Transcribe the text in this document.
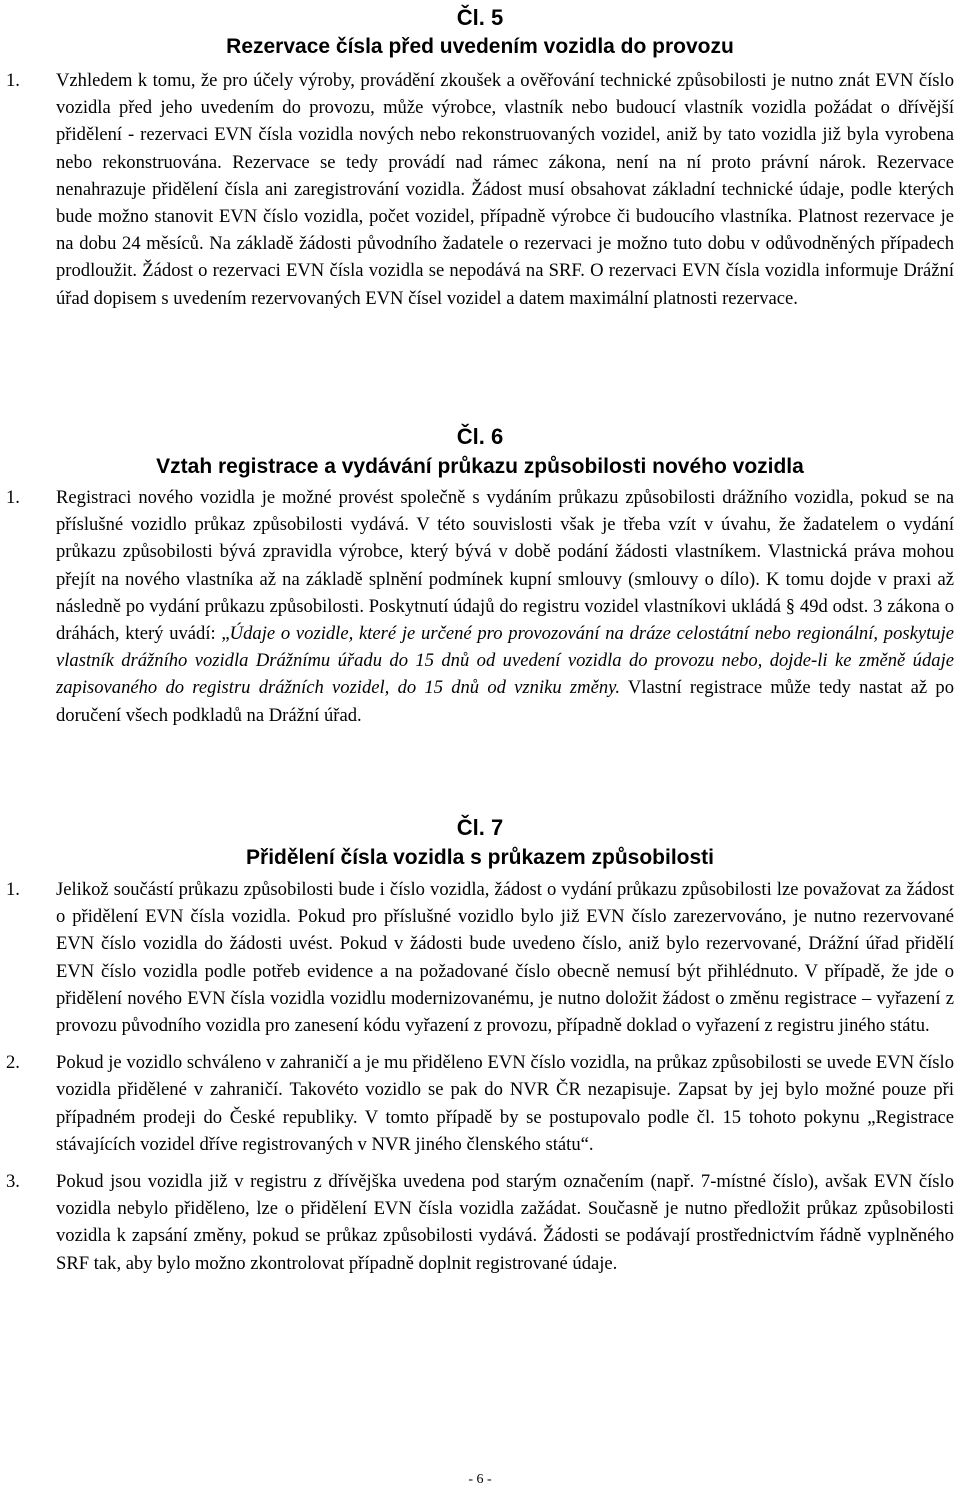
Čl. 5
Rezervace čísla před uvedením vozidla do provozu

1. Vzhledem k tomu, že pro účely výroby, provádění zkoušek a ověřování technické způsobilosti je nutno znát EVN číslo vozidla před jeho uvedením do provozu, může výrobce, vlastník nebo budoucí vlastník vozidla požádat o dřívější přidělení - rezervaci EVN čísla vozidla nových nebo rekonstruovaných vozidel, aniž by tato vozidla již byla vyrobena nebo rekonstruována. Rezervace se tedy provádí nad rámec zákona, není na ní proto právní nárok. Rezervace nenahrazuje přidělení čísla ani zaregistrování vozidla. Žádost musí obsahovat základní technické údaje, podle kterých bude možno stanovit EVN číslo vozidla, počet vozidel, případně výrobce či budoucího vlastníka. Platnost rezervace je na dobu 24 měsíců. Na základě žádosti původního žadatele o rezervaci je možno tuto dobu v odůvodněných případech prodloužit. Žádost o rezervaci EVN čísla vozidla se nepodává na SRF. O rezervaci EVN čísla vozidla informuje Drážní úřad dopisem s uvedením rezervovaných EVN čísel vozidel a datem maximální platnosti rezervace.

Čl. 6
Vztah registrace a vydávání průkazu způsobilosti nového vozidla

1. Registraci nového vozidla je možné provést společně s vydáním průkazu způsobilosti drážního vozidla, pokud se na příslušné vozidlo průkaz způsobilosti vydává. V této souvislosti však je třeba vzít v úvahu, že žadatelem o vydání průkazu způsobilosti bývá zpravidla výrobce, který bývá v době podání žádosti vlastníkem. Vlastnická práva mohou přejít na nového vlastníka až na základě splnění podmínek kupní smlouvy (smlouvy o dílo). K tomu dojde v praxi až následně po vydání průkazu způsobilosti. Poskytnutí údajů do registru vozidel vlastníkovi ukládá § 49d odst. 3 zákona o dráhách, který uvádí: „Údaje o vozidle, které je určené pro provozování na dráze celostátní nebo regionální, poskytuje vlastník drážního vozidla Drážnímu úřadu do 15 dnů od uvedení vozidla do provozu nebo, dojde-li ke změně údaje zapisovaného do registru drážních vozidel, do 15 dnů od vzniku změny. Vlastní registrace může tedy nastat až po doručení všech podkladů na Drážní úřad.

Čl. 7
Přidělení čísla vozidla s průkazem způsobilosti

1. Jelikož součástí průkazu způsobilosti bude i číslo vozidla, žádost o vydání průkazu způsobilosti lze považovat za žádost o přidělení EVN čísla vozidla. Pokud pro příslušné vozidlo bylo již EVN číslo zarezervováno, je nutno rezervované EVN číslo vozidla do žádosti uvést. Pokud v žádosti bude uvedeno číslo, aniž bylo rezervované, Drážní úřad přidělí EVN číslo vozidla podle potřeb evidence a na požadované číslo obecně nemusí být přihlédnuto. V případě, že jde o přidělení nového EVN čísla vozidla vozidlu modernizovanému, je nutno doložit žádost o změnu registrace – vyřazení z provozu původního vozidla pro zanesení kódu vyřazení z provozu, případně doklad o vyřazení z registru jiného státu.

2. Pokud je vozidlo schváleno v zahraničí a je mu přiděleno EVN číslo vozidla, na průkaz způsobilosti se uvede EVN číslo vozidla přidělené v zahraničí. Takovéto vozidlo se pak do NVR ČR nezapisuje. Zapsat by jej bylo možné pouze při případném prodeji do České republiky. V tomto případě by se postupovalo podle čl. 15 tohoto pokynu „Registrace stávajících vozidel dříve registrovaných v NVR jiného členského státu“.

3. Pokud jsou vozidla již v registru z dřívějška uvedena pod starým označením (např. 7-místné číslo), avšak EVN číslo vozidla nebylo přiděleno, lze o přidělení EVN čísla vozidla zažádat. Současně je nutno předložit průkaz způsobilosti vozidla k zapsání změny, pokud se průkaz způsobilosti vydává. Žádosti se podávají prostřednictvím řádně vyplněného SRF tak, aby bylo možno zkontrolovat případně doplnit registrované údaje.

- 6 -
